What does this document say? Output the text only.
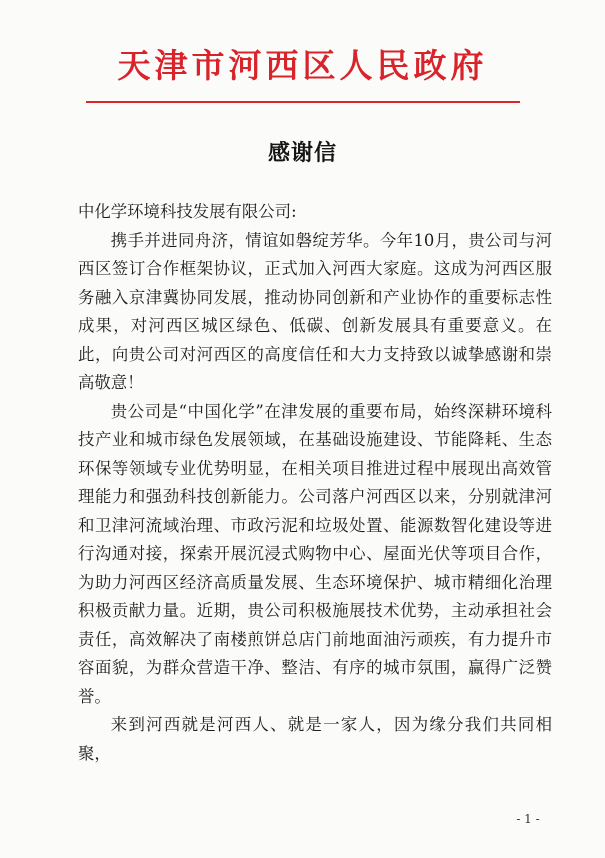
天津市河西区人民政府
感谢信

中化学环境科技发展有限公司:

携手并进同舟济，情谊如磐绽芳华。今年10月，贵公司与河西区签订合作框架协议，正式加入河西大家庭。这成为河西区服务融入京津冀协同发展，推动协同创新和产业协作的重要标志性成果，对河西区城区绿色、低碳、创新发展具有重要意义。在此，向贵公司对河西区的高度信任和大力支持致以诚挚感谢和崇高敬意！

贵公司是“中国化学”在津发展的重要布局，始终深耕环境科技产业和城市绿色发展领域，在基础设施建设、节能降耗、生态环保等领域专业优势明显，在相关项目推进过程中展现出高效管理能力和强劲科技创新能力。公司落户河西区以来，分别就津河和卫津河流域治理、市政污泥和垃圾处置、能源数智化建设等进行沟通对接，探索开展沉浸式购物中心、屋面光伏等项目合作，为助力河西区经济高质量发展、生态环境保护、城市精细化治理积极贡献力量。近期，贵公司积极施展技术优势，主动承担社会责任，高效解决了南楼煎饼总店门前地面油污顽疾，有力提升市容面貌，为群众营造干净、整洁、有序的城市氛围，赢得广泛赞誉。

来到河西就是河西人、就是一家人，因为缘分我们共同相聚，

- 1 -
